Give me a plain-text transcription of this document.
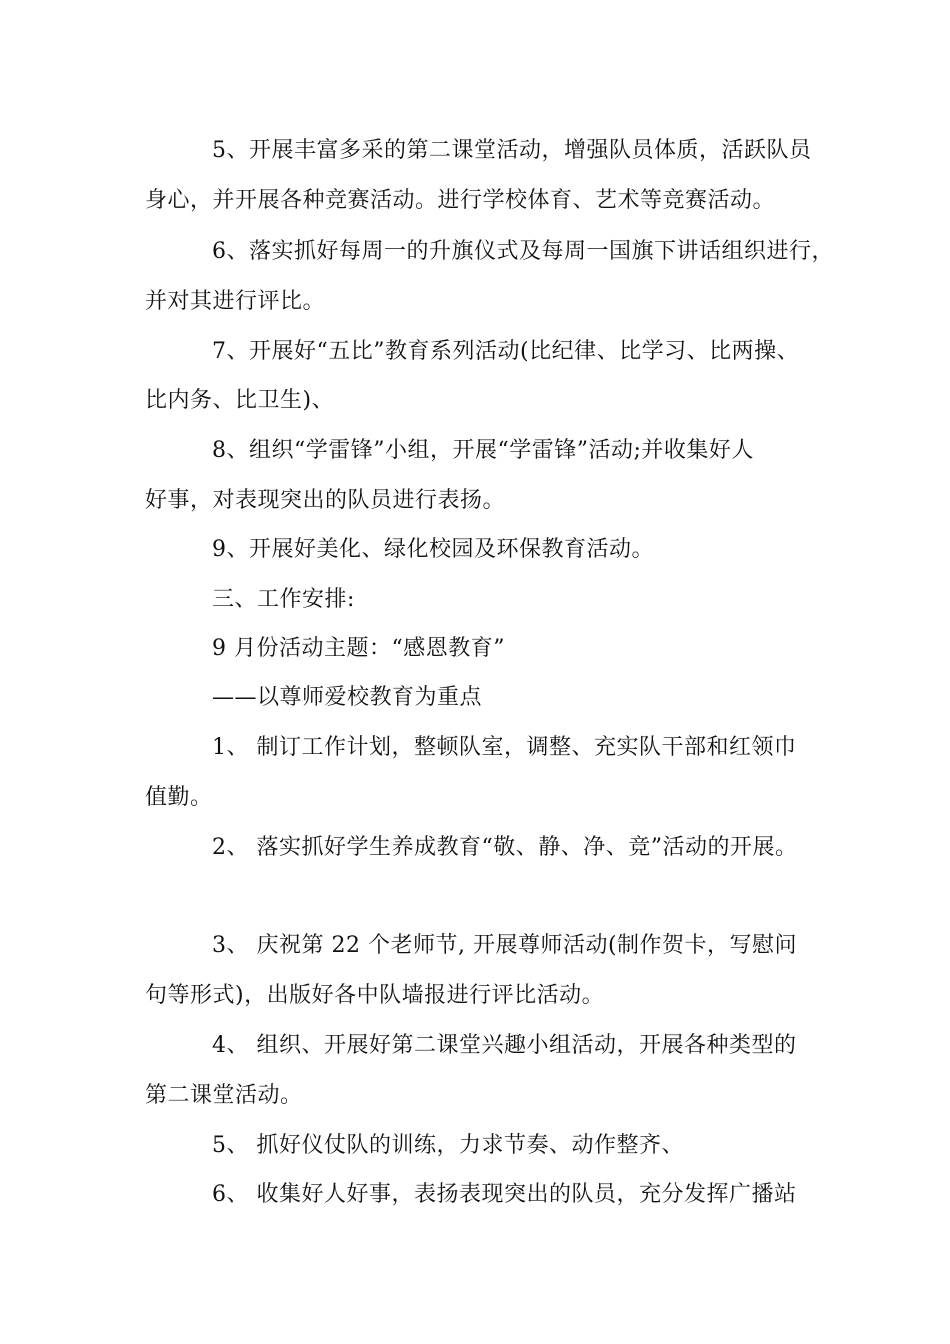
5、开展丰富多采的第二课堂活动，增强队员体质，活跃队员
身心，并开展各种竞赛活动。进行学校体育、艺术等竞赛活动。
6、落实抓好每周一的升旗仪式及每周一国旗下讲话组织进行，
并对其进行评比。
7、开展好“五比”教育系列活动(比纪律、比学习、比两操、
比内务、比卫生)、
8、组织“学雷锋”小组，开展“学雷锋”活动;并收集好人
好事，对表现突出的队员进行表扬。
9、开展好美化、绿化校园及环保教育活动。
三、工作安排:
9 月份活动主题：“感恩教育”
——以尊师爱校教育为重点
1、 制订工作计划，整顿队室，调整、充实队干部和红领巾
值勤。
2、 落实抓好学生养成教育“敬、静、净、竞”活动的开展。
3、 庆祝第 22 个老师节, 开展尊师活动(制作贺卡，写慰问
句等形式)，出版好各中队墙报进行评比活动。
4、 组织、开展好第二课堂兴趣小组活动，开展各种类型的
第二课堂活动。
5、 抓好仪仗队的训练，力求节奏、动作整齐、
6、 收集好人好事，表扬表现突出的队员，充分发挥广播站
